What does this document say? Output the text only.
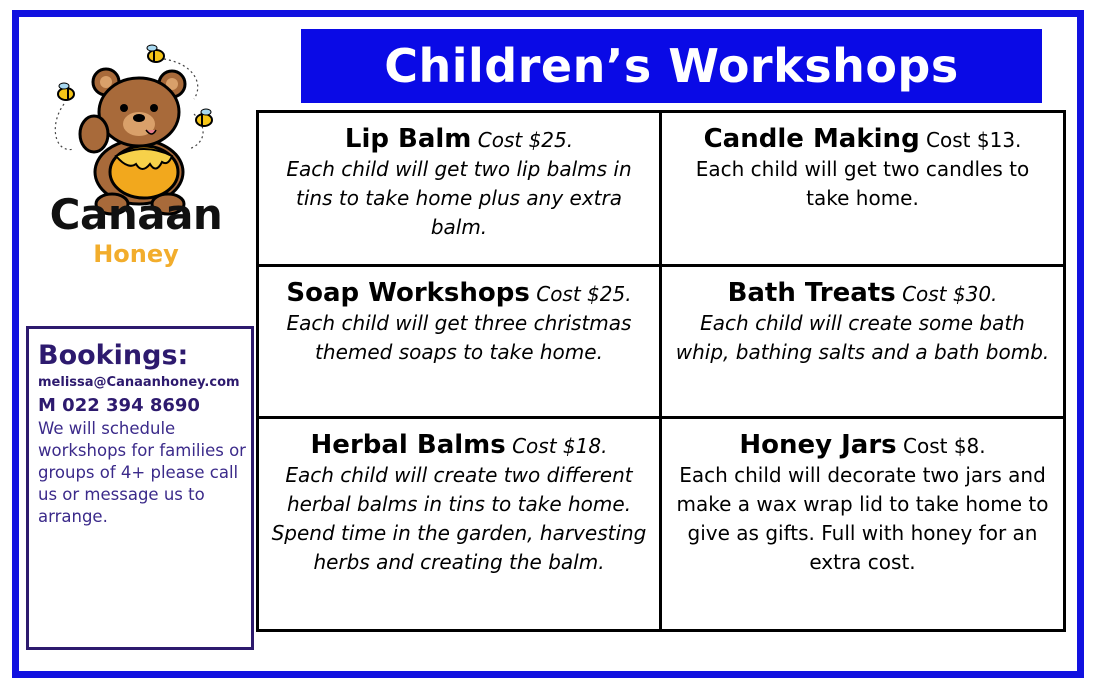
Canaan
Honey
Children’s Workshops
Lip Balm Cost $25.
Each child will get two lip balms in tins to take home plus any extra balm.
Candle Making Cost $13.
Each child will get two candles to take home.
Soap Workshops Cost $25.
Each child will get three christmas themed soaps to take home.
Bath Treats Cost $30.
Each child will create some bath whip, bathing salts and a bath bomb.
Herbal Balms Cost $18.
Each child will create two different herbal balms in tins to take home. Spend time in the garden, harvesting herbs and creating the balm.
Honey Jars Cost $8.
Each child will decorate two jars and make a wax wrap lid to take home to give as gifts. Full with honey for an extra cost.
Bookings:
melissa@Canaanhoney.com
M 022 394 8690
We will schedule workshops for families or groups of 4+ please call us or message us to arrange.
